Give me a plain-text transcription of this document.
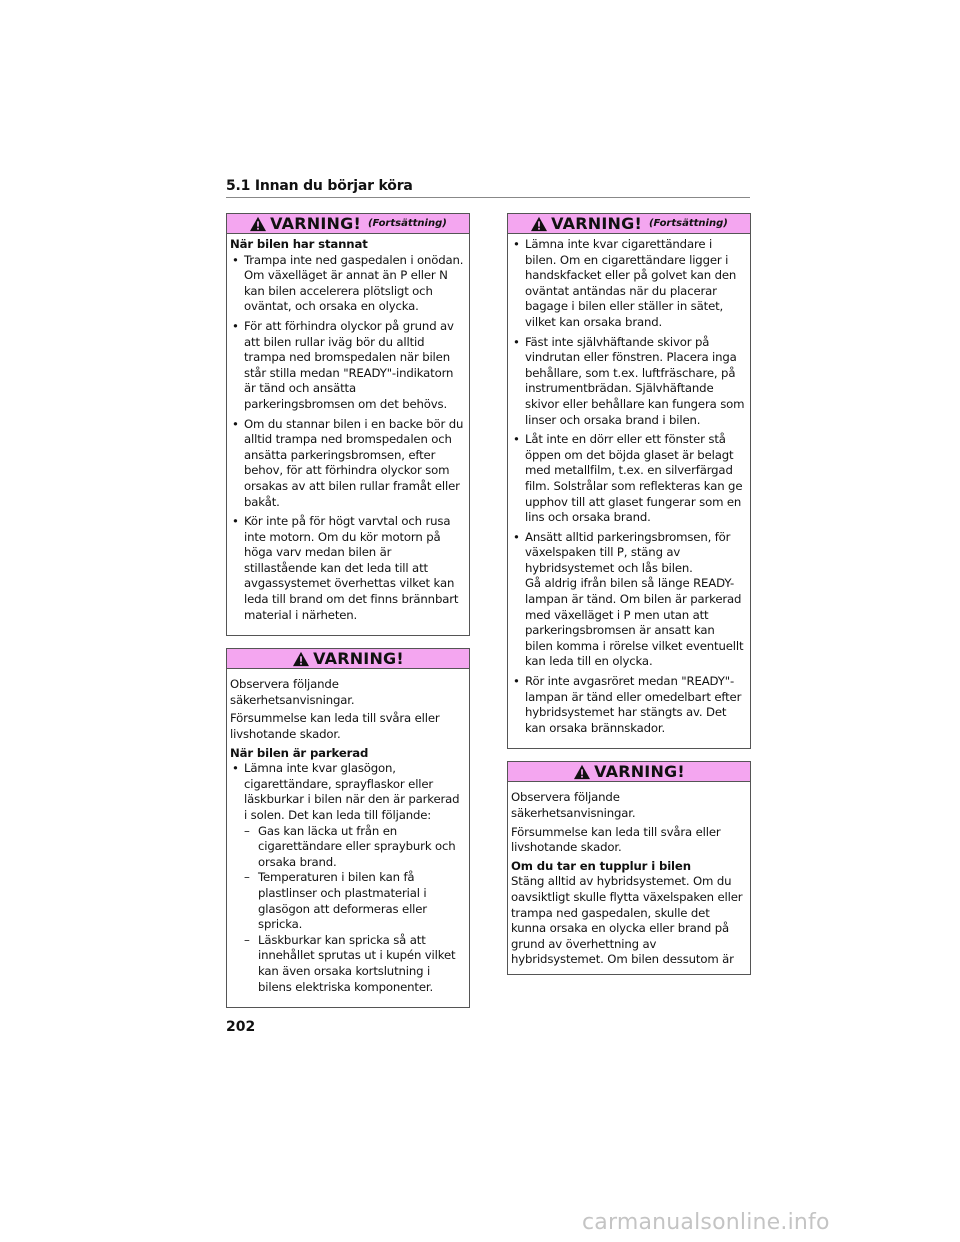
5.1 Innan du börjar köra
VARNING! (Fortsättning)

När bilen har stannat

• Trampa inte ned gaspedalen i onödan. Om växelläget är annat än P eller N kan bilen accelerera plötsligt och oväntat, och orsaka en olycka.
• För att förhindra olyckor på grund av att bilen rullar iväg bör du alltid trampa ned bromspedalen när bilen står stilla medan "READY"-indikatorn är tänd och ansätta parkeringsbromsen om det behövs.
• Om du stannar bilen i en backe bör du alltid trampa ned bromspedalen och ansätta parkeringsbromsen, efter behov, för att förhindra olyckor som orsakas av att bilen rullar framåt eller bakåt.
• Kör inte på för högt varvtal och rusa inte motorn. Om du kör motorn på höga varv medan bilen är stillastående kan det leda till att avgassystemet överhettas vilket kan leda till brand om det finns brännbart material i närheten.
VARNING!

Observera följande säkerhetsanvisningar.

Försummelse kan leda till svåra eller livshotande skador.

När bilen är parkerad

• Lämna inte kvar glasögon, cigarettändare, sprayflaskor eller läskburkar i bilen när den är parkerad i solen. Det kan leda till följande:
– Gas kan läcka ut från en cigarettändare eller sprayburk och orsaka brand.
– Temperaturen i bilen kan få plastlinser och plastmaterial i glasögon att deformeras eller spricka.
– Läskburkar kan spricka så att innehållet sprutas ut i kupén vilket kan även orsaka kortslutning i bilens elektriska komponenter.
VARNING! (Fortsättning)
• Lämna inte kvar cigarettändare i bilen. Om en cigarettändare ligger i handskfacket eller på golvet kan den oväntat antändas när du placerar bagage i bilen eller ställer in sätet, vilket kan orsaka brand.
• Fäst inte självhäftande skivor på vindrutan eller fönstren. Placera inga behållare, som t.ex. luftfräschare, på instrumentbrädan. Självhäftande skivor eller behållare kan fungera som linser och orsaka brand i bilen.
• Låt inte en dörr eller ett fönster stå öppen om det böjda glaset är belagt med metallfilm, t.ex. en silverfärgad film. Solstrålar som reflekteras kan ge upphov till att glaset fungerar som en lins och orsaka brand.
• Ansätt alltid parkeringsbromsen, för växelspaken till P, stäng av hybridsystemet och lås bilen.
Gå aldrig ifrån bilen så länge READY-lampan är tänd. Om bilen är parkerad med växelläget i P men utan att parkeringsbromsen är ansatt kan bilen komma i rörelse vilket eventuellt kan leda till en olycka.
• Rör inte avgasröret medan "READY"-lampan är tänd eller omedelbart efter hybridsystemet har stängts av. Det kan orsaka brännskador.
VARNING!

Observera följande säkerhetsanvisningar.

Försummelse kan leda till svåra eller livshotande skador.

Om du tar en tupplur i bilen

Stäng alltid av hybridsystemet. Om du oavsiktligt skulle flytta växelspaken eller trampa ned gaspedalen, skulle det kunna orsaka en olycka eller brand på grund av överhettning av hybridsystemet. Om bilen dessutom är

202
carmanualsonline.info
